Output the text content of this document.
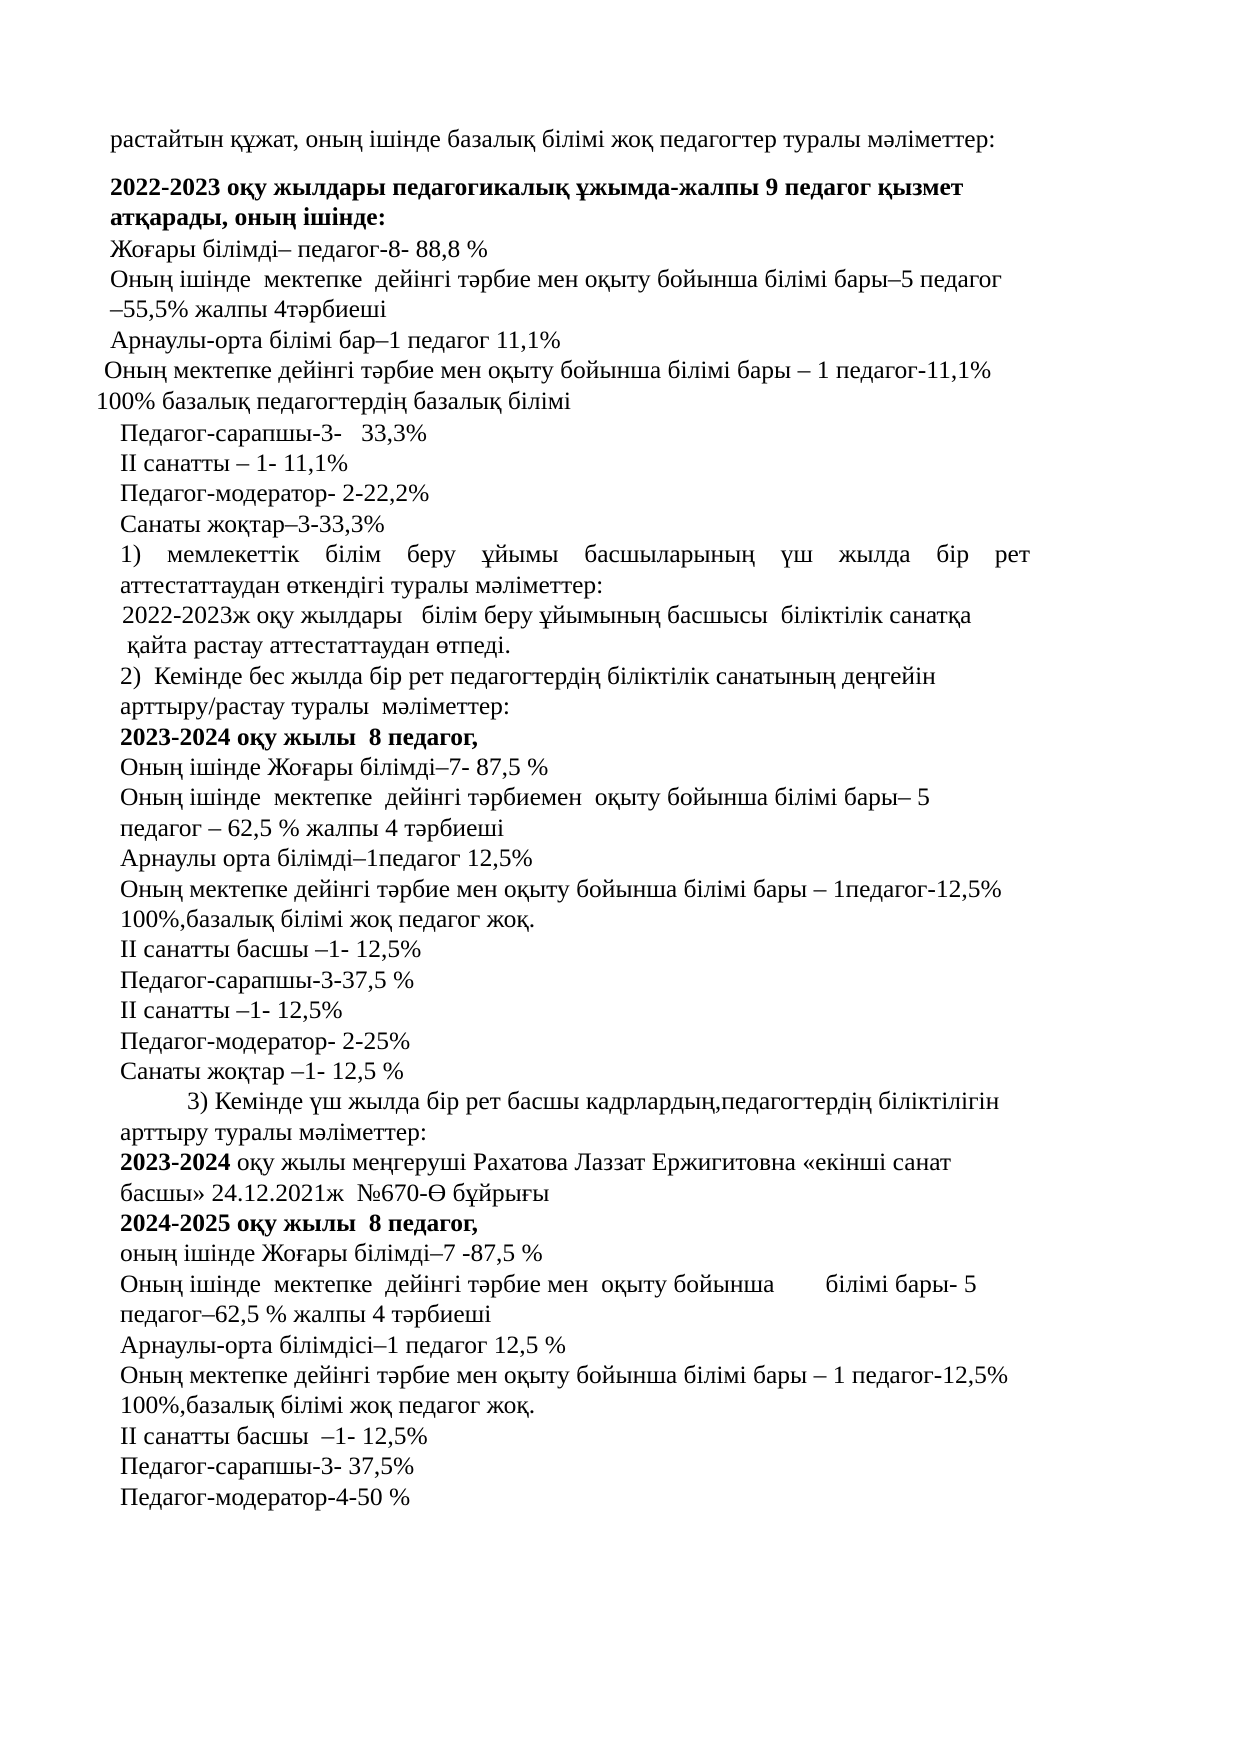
растайтын құжат, оның ішінде базалық білімі жоқ педагогтер туралы мәліметтер:
2022-2023 оқу жылдары педагогикалық ұжымда-жалпы 9 педагог қызмет
атқарады, оның ішінде:
Жоғары білімді– педагог-8- 88,8 %
Оның ішінде  мектепке  дейінгі тәрбие мен оқыту бойынша білімі бары–5 педагог
–55,5% жалпы 4тәрбиеші
Арнаулы-орта білімі бар–1 педагог 11,1%
Оның мектепке дейінгі тәрбие мен оқыту бойынша білімі бары – 1 педагог-11,1%
100% базалық педагогтердің базалық білімі
Педагог-сарапшы-3-   33,3%
II санатты – 1- 11,1%
Педагог-модератор- 2-22,2%
Санаты жоқтар–3-33,3%
1) мемлекеттік білім беру ұйымы басшыларының үш жылда бір рет
аттестаттаудан өткендігі туралы мәліметтер:
2022-2023ж оқу жылдары   білім беру ұйымының басшысы  біліктілік санатқа
қайта растау аттестаттаудан өтпеді.
2)  Кемінде бес жылда бір рет педагогтердің біліктілік санатының деңгейін
арттыру/растау туралы  мәліметтер:
2023-2024 оқу жылы  8 педагог,
Оның ішінде Жоғары білімді–7- 87,5 %
Оның ішінде  мектепке  дейінгі тәрбиемен  оқыту бойынша білімі бары– 5
педагог – 62,5 % жалпы 4 тәрбиеші
Арнаулы орта білімді–1педагог 12,5%
Оның мектепке дейінгі тәрбие мен оқыту бойынша білімі бары – 1педагог-12,5%
100%,базалық білімі жоқ педагог жоқ.
II санатты басшы –1- 12,5%
Педагог-сарапшы-3-37,5 %
II санатты –1- 12,5%
Педагог-модератор- 2-25%
Санаты жоқтар –1- 12,5 %
3) Кемінде үш жылда бір рет басшы кадрлардың,педагогтердің біліктілігін
арттыру туралы мәліметтер:
2023-2024 оқу жылы меңгеруші Рахатова Лаззат Ержигитовна «екінші санат
басшы» 24.12.2021ж  №670-Ө бұйрығы
2024-2025 оқу жылы  8 педагог,
оның ішінде Жоғары білімді–7 -87,5 %
Оның ішінде  мектепке  дейінгі тәрбие мен  оқыту бойынша        білімі бары- 5
педагог–62,5 % жалпы 4 тәрбиеші
Арнаулы-орта білімдісі–1 педагог 12,5 %
Оның мектепке дейінгі тәрбие мен оқыту бойынша білімі бары – 1 педагог-12,5%
100%,базалық білімі жоқ педагог жоқ.
II санатты басшы  –1- 12,5%
Педагог-сарапшы-3- 37,5%
Педагог-модератор-4-50 %
